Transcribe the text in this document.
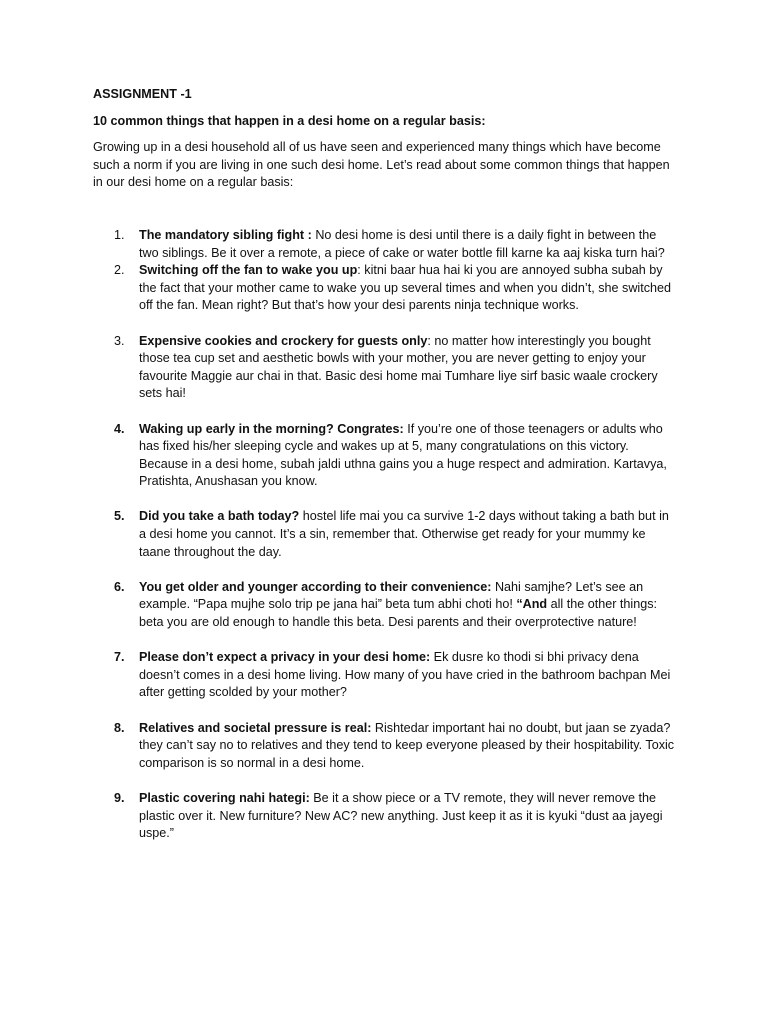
ASSIGNMENT -1

10 common things that happen in a desi home on a regular basis:

Growing up in a desi household all of us have seen and experienced many things which have become such a norm if you are living in one such desi home. Let’s read about some common things that happen in our desi home on a regular basis:

1. The mandatory sibling fight : No desi home is desi until there is a daily fight in between the two siblings. Be it over a remote, a piece of cake or water bottle fill karne ka aaj kiska turn hai?
2. Switching off the fan to wake you up: kitni baar hua hai ki you are annoyed subha subah by the fact that your mother came to wake you up several times and when you didn’t, she switched off the fan. Mean right? But that’s how your desi parents ninja technique works.
3. Expensive cookies and crockery for guests only: no matter how interestingly you bought those tea cup set and aesthetic bowls with your mother, you are never getting to enjoy your favourite Maggie aur chai in that. Basic desi home mai Tumhare liye sirf basic waale crockery sets hai!
4. Waking up early in the morning? Congrates: If you’re one of those teenagers or adults who has fixed his/her sleeping cycle and wakes up at 5, many congratulations on this victory. Because in a desi home, subah jaldi uthna gains you a huge respect and admiration. Kartavya, Pratishta, Anushasan you know.
5. Did you take a bath today? hostel life mai you ca survive 1-2 days without taking a bath but in a desi home you cannot. It’s a sin, remember that. Otherwise get ready for your mummy ke taane throughout the day.
6. You get older and younger according to their convenience: Nahi samjhe? Let’s see an example. “Papa mujhe solo trip pe jana hai” beta tum abhi choti ho! “And all the other things: beta you are old enough to handle this beta. Desi parents and their overprotective nature!
7. Please don’t expect a privacy in your desi home: Ek dusre ko thodi si bhi privacy dena doesn’t comes in a desi home living. How many of you have cried in the bathroom bachpan Mei after getting scolded by your mother?
8. Relatives and societal pressure is real: Rishtedar important hai no doubt, but jaan se zyada? they can’t say no to relatives and they tend to keep everyone pleased by their hospitability. Toxic comparison is so normal in a desi home.
9. Plastic covering nahi hategi: Be it a show piece or a TV remote, they will never remove the plastic over it. New furniture? New AC? new anything. Just keep it as it is kyuki “dust aa jayegi uspe.”
